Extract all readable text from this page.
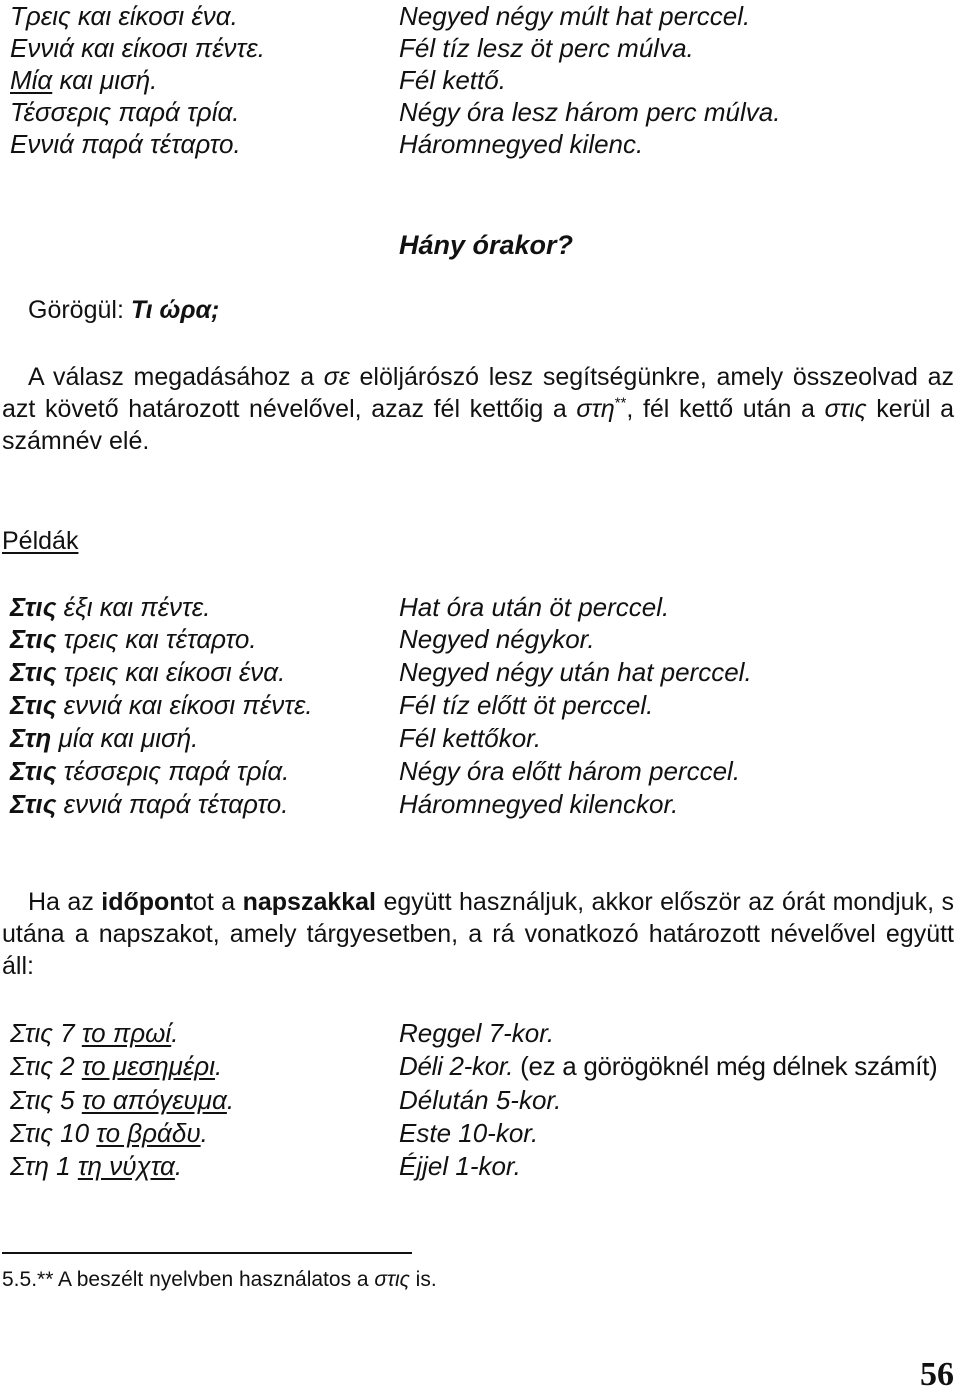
Τρεις και είκοσι ένα.	Negyed négy múlt hat perccel.
Εννιά και είκοσι πέντε.	Fél tíz lesz öt perc múlva.
Μία και μισή.	Fél kettő.
Τέσσερις παρά τρία.	Négy óra lesz három perc múlva.
Εννιά παρά τέταρτο.	Háromnegyed kilenc.
Hány órakor?
Görögül: Τι ώρα;
A válasz megadásához a σε elöljárószó lesz segítségünkre, amely összeolvad az azt követő határozott névelővel, azaz fél kettőig a στη**, fél kettő után a στις kerül a számnév elé.
Példák
Στις έξι και πέντε.	Hat óra után öt perccel.
Στις τρεις και τέταρτο.	Negyed négykor.
Στις τρεις και είκοσι ένα.	Negyed négy után hat perccel.
Στις εννιά και είκοσι πέντε.	Fél tíz előtt öt perccel.
Στη μία και μισή.	Fél kettőkor.
Στις τέσσερις παρά τρία.	Négy óra előtt három perccel.
Στις εννιά παρά τέταρτο.	Háromnegyed kilenckor.
Ha az időpontot a napszakkal együtt használjuk, akkor először az órát mondjuk, s utána a napszakot, amely tárgyesetben, a rá vonatkozó határozott névelővel együtt áll:
Στις 7 το πρωί.	Reggel 7-kor.
Στις 2 το μεσημέρι.	Déli 2-kor. (ez a görögöknél még délnek számít)
Στις 5 το απόγευμα.	Délután 5-kor.
Στις 10 το βράδυ.	Este 10-kor.
Στη 1 τη νύχτα.	Éjjel 1-kor.
5.5.** A beszélt nyelvben használatos a στις is.
56
